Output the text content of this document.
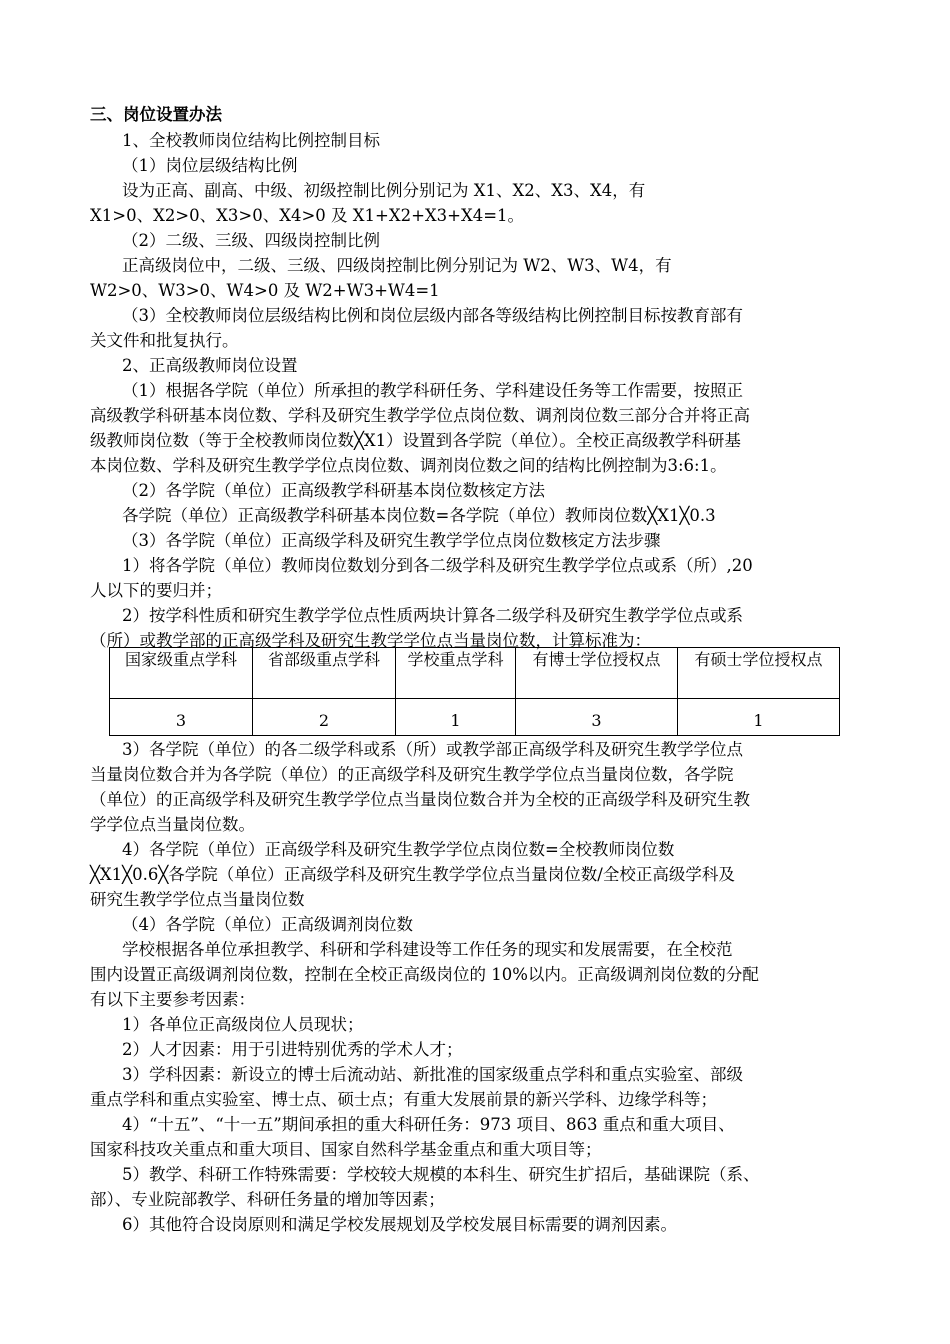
三、岗位设置办法
1、全校教师岗位结构比例控制目标
（1）岗位层级结构比例
设为正高、副高、中级、初级控制比例分别记为 X1、X2、X3、X4，有
X1>0、X2>0、X3>0、X4>0 及 X1+X2+X3+X4=1。
（2）二级、三级、四级岗控制比例
正高级岗位中，二级、三级、四级岗控制比例分别记为 W2、W3、W4，有
W2>0、W3>0、W4>0 及 W2+W3+W4=1
（3）全校教师岗位层级结构比例和岗位层级内部各等级结构比例控制目标按教育部有
关文件和批复执行。
2、正高级教师岗位设置
（1）根据各学院（单位）所承担的教学科研任务、学科建设任务等工作需要，按照正
高级教学科研基本岗位数、学科及研究生教学学位点岗位数、调剂岗位数三部分合并将正高
级教师岗位数（等于全校教师岗位数╳X1）设置到各学院（单位）。全校正高级教学科研基
本岗位数、学科及研究生教学学位点岗位数、调剂岗位数之间的结构比例控制为3:6:1。
（2）各学院（单位）正高级教学科研基本岗位数核定方法
各学院（单位）正高级教学科研基本岗位数=各学院（单位）教师岗位数╳X1╳0.3
（3）各学院（单位）正高级学科及研究生教学学位点岗位数核定方法步骤
1）将各学院（单位）教师岗位数划分到各二级学科及研究生教学学位点或系（所）,20
人以下的要归并；
2）按学科性质和研究生教学学位点性质两块计算各二级学科及研究生教学学位点或系
（所）或教学部的正高级学科及研究生教学学位点当量岗位数，计算标准为：
国家级重点学科	省部级重点学科	学校重点学科	有博士学位授权点	有硕士学位授权点
3	2	1	3	1
3）各学院（单位）的各二级学科或系（所）或教学部正高级学科及研究生教学学位点
当量岗位数合并为各学院（单位）的正高级学科及研究生教学学位点当量岗位数，各学院
（单位）的正高级学科及研究生教学学位点当量岗位数合并为全校的正高级学科及研究生教
学学位点当量岗位数。
4）各学院（单位）正高级学科及研究生教学学位点岗位数=全校教师岗位数
╳X1╳0.6╳各学院（单位）正高级学科及研究生教学学位点当量岗位数/全校正高级学科及
研究生教学学位点当量岗位数
（4）各学院（单位）正高级调剂岗位数
学校根据各单位承担教学、科研和学科建设等工作任务的现实和发展需要，在全校范
围内设置正高级调剂岗位数，控制在全校正高级岗位的 10%以内。正高级调剂岗位数的分配
有以下主要参考因素：
1）各单位正高级岗位人员现状；
2）人才因素：用于引进特别优秀的学术人才；
3）学科因素：新设立的博士后流动站、新批准的国家级重点学科和重点实验室、部级
重点学科和重点实验室、博士点、硕士点；有重大发展前景的新兴学科、边缘学科等；
4）“十五”、“十一五”期间承担的重大科研任务：973 项目、863 重点和重大项目、
国家科技攻关重点和重大项目、国家自然科学基金重点和重大项目等；
5）教学、科研工作特殊需要：学校较大规模的本科生、研究生扩招后，基础课院（系、
部）、专业院部教学、科研任务量的增加等因素；
6）其他符合设岗原则和满足学校发展规划及学校发展目标需要的调剂因素。
